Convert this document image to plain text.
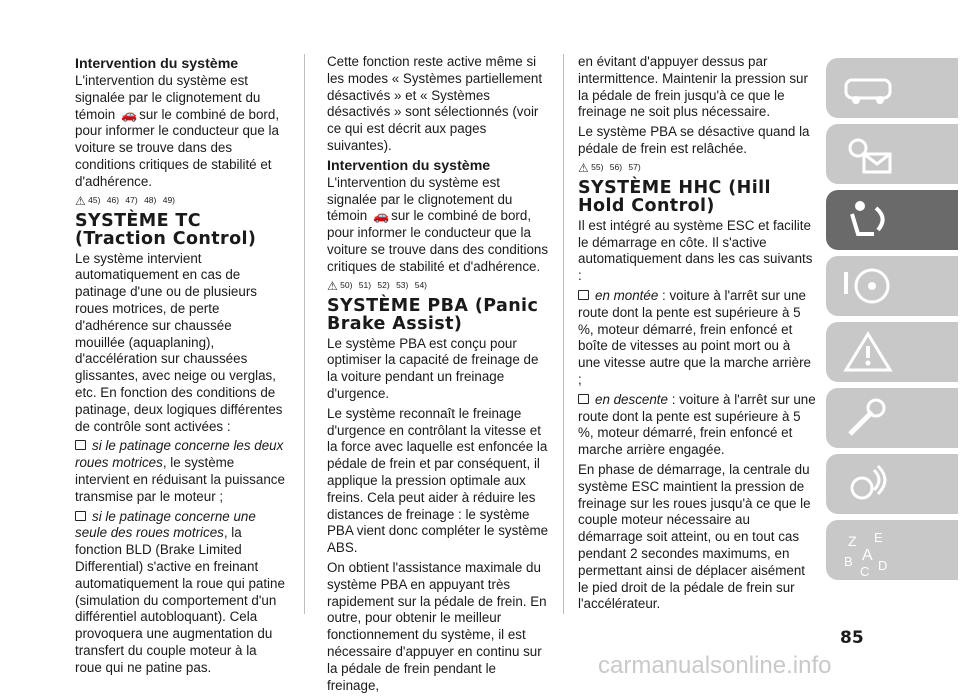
Intervention du système

L'intervention du système est signalée par le clignotement du témoin 🚗 sur le combiné de bord, pour informer le conducteur que la voiture se trouve dans des conditions critiques de stabilité et d'adhérence.

⚠ 45) 46) 47) 48) 49)
SYSTÈME TC (Traction Control)

Le système intervient automatiquement en cas de patinage d'une ou de plusieurs roues motrices, de perte d'adhérence sur chaussée mouillée (aquaplaning), d'accélération sur chaussées glissantes, avec neige ou verglas, etc. En fonction des conditions de patinage, deux logiques différentes de contrôle sont activées :

si le patinage concerne les deux roues motrices, le système intervient en réduisant la puissance transmise par le moteur ;

si le patinage concerne une seule des roues motrices, la fonction BLD (Brake Limited Differential) s'active en freinant automatiquement la roue qui patine (simulation du comportement d'un différentiel autobloquant). Cela provoquera une augmentation du transfert du couple moteur à la roue qui ne patine pas.

Cette fonction reste active même si les modes « Systèmes partiellement désactivés » et « Systèmes désactivés » sont sélectionnés (voir ce qui est décrit aux pages suivantes).

Intervention du système

L'intervention du système est signalée par le clignotement du témoin 🚗 sur le combiné de bord, pour informer le conducteur que la voiture se trouve dans des conditions critiques de stabilité et d'adhérence.

⚠ 50) 51) 52) 53) 54)
SYSTÈME PBA (Panic Brake Assist)

Le système PBA est conçu pour optimiser la capacité de freinage de la voiture pendant un freinage d'urgence.

Le système reconnaît le freinage d'urgence en contrôlant la vitesse et la force avec laquelle est enfoncée la pédale de frein et par conséquent, il applique la pression optimale aux freins. Cela peut aider à réduire les distances de freinage : le système PBA vient donc compléter le système ABS.

On obtient l'assistance maximale du système PBA en appuyant très rapidement sur la pédale de frein. En outre, pour obtenir le meilleur fonctionnement du système, il est nécessaire d'appuyer en continu sur la pédale de frein pendant le freinage,

en évitant d'appuyer dessus par intermittence. Maintenir la pression sur la pédale de frein jusqu'à ce que le freinage ne soit plus nécessaire.

Le système PBA se désactive quand la pédale de frein est relâchée.

⚠ 55) 56) 57)
SYSTÈME HHC (Hill Hold Control)

Il est intégré au système ESC et facilite le démarrage en côte. Il s'active automatiquement dans les cas suivants :

en montée : voiture à l'arrêt sur une route dont la pente est supérieure à 5 %, moteur démarré, frein enfoncé et boîte de vitesses au point mort ou à une vitesse autre que la marche arrière ;

en descente : voiture à l'arrêt sur une route dont la pente est supérieure à 5 %, moteur démarré, frein enfoncé et marche arrière engagée.

En phase de démarrage, la centrale du système ESC maintient la pression de freinage sur les roues jusqu'à ce que le couple moteur nécessaire au démarrage soit atteint, ou en tout cas pendant 2 secondes maximums, en permettant ainsi de déplacer aisément le pied droit de la pédale de frein sur l'accélérateur.

Z E
B A
C D
85
carmanualsonline.info
